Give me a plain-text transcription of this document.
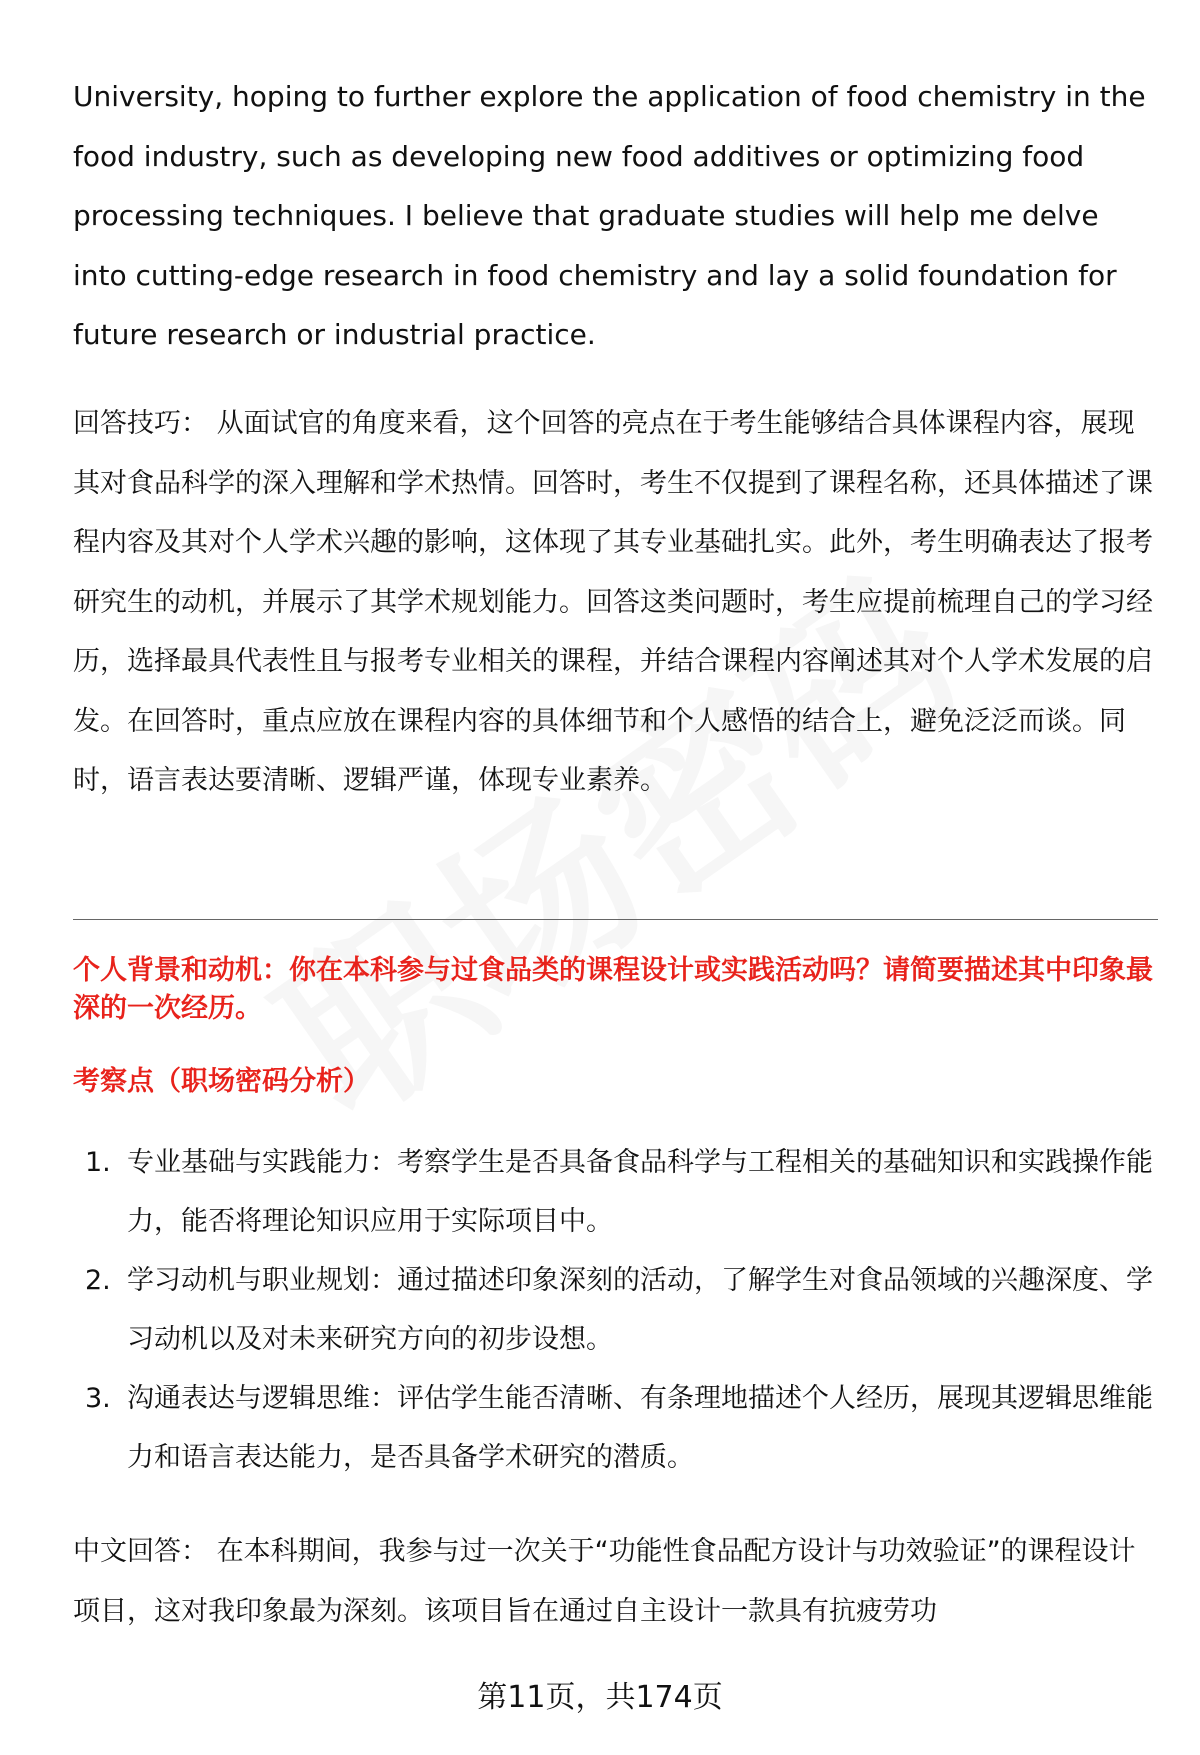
University, hoping to further explore the application of food chemistry in the food industry, such as developing new food additives or optimizing food processing techniques. I believe that graduate studies will help me delve into cutting-edge research in food chemistry and lay a solid foundation for future research or industrial practice.
回答技巧： 从面试官的角度来看，这个回答的亮点在于考生能够结合具体课程内容，展现其对食品科学的深入理解和学术热情。回答时，考生不仅提到了课程名称，还具体描述了课程内容及其对个人学术兴趣的影响，这体现了其专业基础扎实。此外，考生明确表达了报考研究生的动机，并展示了其学术规划能力。回答这类问题时，考生应提前梳理自己的学习经历，选择最具代表性且与报考专业相关的课程，并结合课程内容阐述其对个人学术发展的启发。在回答时，重点应放在课程内容的具体细节和个人感悟的结合上，避免泛泛而谈。同时，语言表达要清晰、逻辑严谨，体现专业素养。
个人背景和动机：你在本科参与过食品类的课程设计或实践活动吗？请简要描述其中印象最深的一次经历。
考察点（职场密码分析）
1. 专业基础与实践能力：考察学生是否具备食品科学与工程相关的基础知识和实践操作能力，能否将理论知识应用于实际项目中。
2. 学习动机与职业规划：通过描述印象深刻的活动，了解学生对食品领域的兴趣深度、学习动机以及对未来研究方向的初步设想。
3. 沟通表达与逻辑思维：评估学生能否清晰、有条理地描述个人经历，展现其逻辑思维能力和语言表达能力，是否具备学术研究的潜质。
中文回答： 在本科期间，我参与过一次关于“功能性食品配方设计与功效验证”的课程设计项目，这对我印象最为深刻。该项目旨在通过自主设计一款具有抗疲劳功
第11页，共174页
